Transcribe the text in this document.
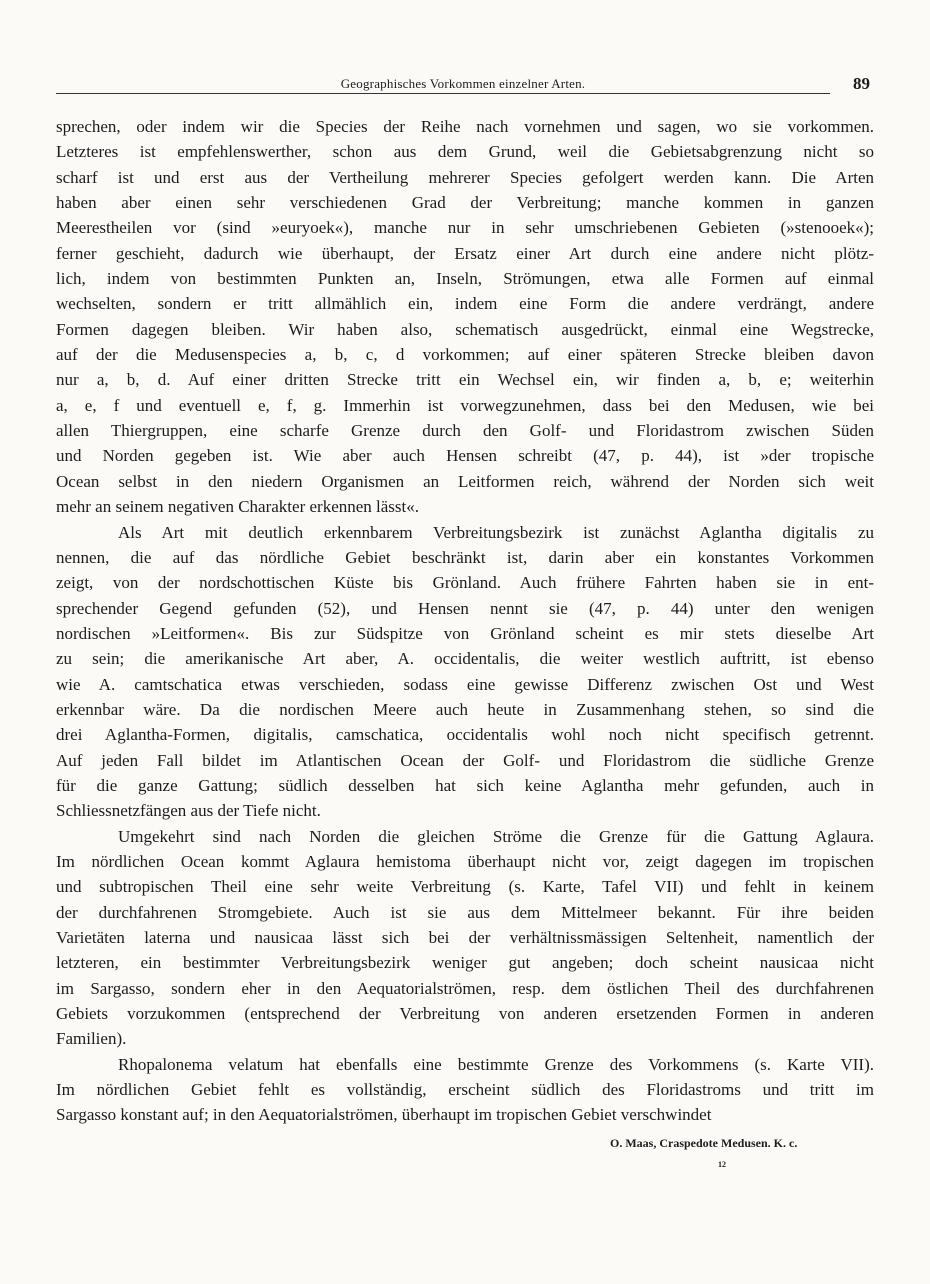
Geographisches Vorkommen einzelner Arten.	89
sprechen, oder indem wir die Species der Reihe nach vornehmen und sagen, wo sie vorkommen.
Letzteres ist empfehlenswerther, schon aus dem Grund, weil die Gebietsabgrenzung nicht so
scharf ist und erst aus der Vertheilung mehrerer Species gefolgert werden kann. Die Arten
haben aber einen sehr verschiedenen Grad der Verbreitung; manche kommen in ganzen
Meerestheilen vor (sind »euryoek«), manche nur in sehr umschriebenen Gebieten (»stenooek«);
ferner geschieht, dadurch wie überhaupt, der Ersatz einer Art durch eine andere nicht plötz-
lich, indem von bestimmten Punkten an, Inseln, Strömungen, etwa alle Formen auf einmal
wechselten, sondern er tritt allmählich ein, indem eine Form die andere verdrängt, andere
Formen dagegen bleiben. Wir haben also, schematisch ausgedrückt, einmal eine Wegstrecke,
auf der die Medusenspecies a, b, c, d vorkommen; auf einer späteren Strecke bleiben davon
nur a, b, d. Auf einer dritten Strecke tritt ein Wechsel ein, wir finden a, b, e; weiterhin
a, e, f und eventuell e, f, g. Immerhin ist vorwegzunehmen, dass bei den Medusen, wie bei
allen Thiergruppen, eine scharfe Grenze durch den Golf- und Floridastrom zwischen Süden
und Norden gegeben ist. Wie aber auch Hensen schreibt (47, p. 44), ist »der tropische
Ocean selbst in den niedern Organismen an Leitformen reich, während der Norden sich weit
mehr an seinem negativen Charakter erkennen lässt«.
Als Art mit deutlich erkennbarem Verbreitungsbezirk ist zunächst Aglantha digitalis zu
nennen, die auf das nördliche Gebiet beschränkt ist, darin aber ein konstantes Vorkommen
zeigt, von der nordschottischen Küste bis Grönland. Auch frühere Fahrten haben sie in ent-
sprechender Gegend gefunden (52), und Hensen nennt sie (47, p. 44) unter den wenigen
nordischen »Leitformen«. Bis zur Südspitze von Grönland scheint es mir stets dieselbe Art
zu sein; die amerikanische Art aber, A. occidentalis, die weiter westlich auftritt, ist ebenso
wie A. camtschatica etwas verschieden, sodass eine gewisse Differenz zwischen Ost und West
erkennbar wäre. Da die nordischen Meere auch heute in Zusammenhang stehen, so sind die
drei Aglantha-Formen, digitalis, camschatica, occidentalis wohl noch nicht specifisch getrennt.
Auf jeden Fall bildet im Atlantischen Ocean der Golf- und Floridastrom die südliche Grenze
für die ganze Gattung; südlich desselben hat sich keine Aglantha mehr gefunden, auch in
Schliessnetzfängen aus der Tiefe nicht.
Umgekehrt sind nach Norden die gleichen Ströme die Grenze für die Gattung Aglaura.
Im nördlichen Ocean kommt Aglaura hemistoma überhaupt nicht vor, zeigt dagegen im tropischen
und subtropischen Theil eine sehr weite Verbreitung (s. Karte, Tafel VII) und fehlt in keinem
der durchfahrenen Stromgebiete. Auch ist sie aus dem Mittelmeer bekannt. Für ihre beiden
Varietäten laterna und nausicaa lässt sich bei der verhältnissmässigen Seltenheit, namentlich der
letzteren, ein bestimmter Verbreitungsbezirk weniger gut angeben; doch scheint nausicaa nicht
im Sargasso, sondern eher in den Aequatorialströmen, resp. dem östlichen Theil des durchfahrenen
Gebiets vorzukommen (entsprechend der Verbreitung von anderen ersetzenden Formen in anderen
Familien).
Rhopalonema velatum hat ebenfalls eine bestimmte Grenze des Vorkommens (s. Karte VII).
Im nördlichen Gebiet fehlt es vollständig, erscheint südlich des Floridastroms und tritt im
Sargasso konstant auf; in den Aequatorialströmen, überhaupt im tropischen Gebiet verschwindet
O. Maas, Craspedote Medusen. K. c.
12
